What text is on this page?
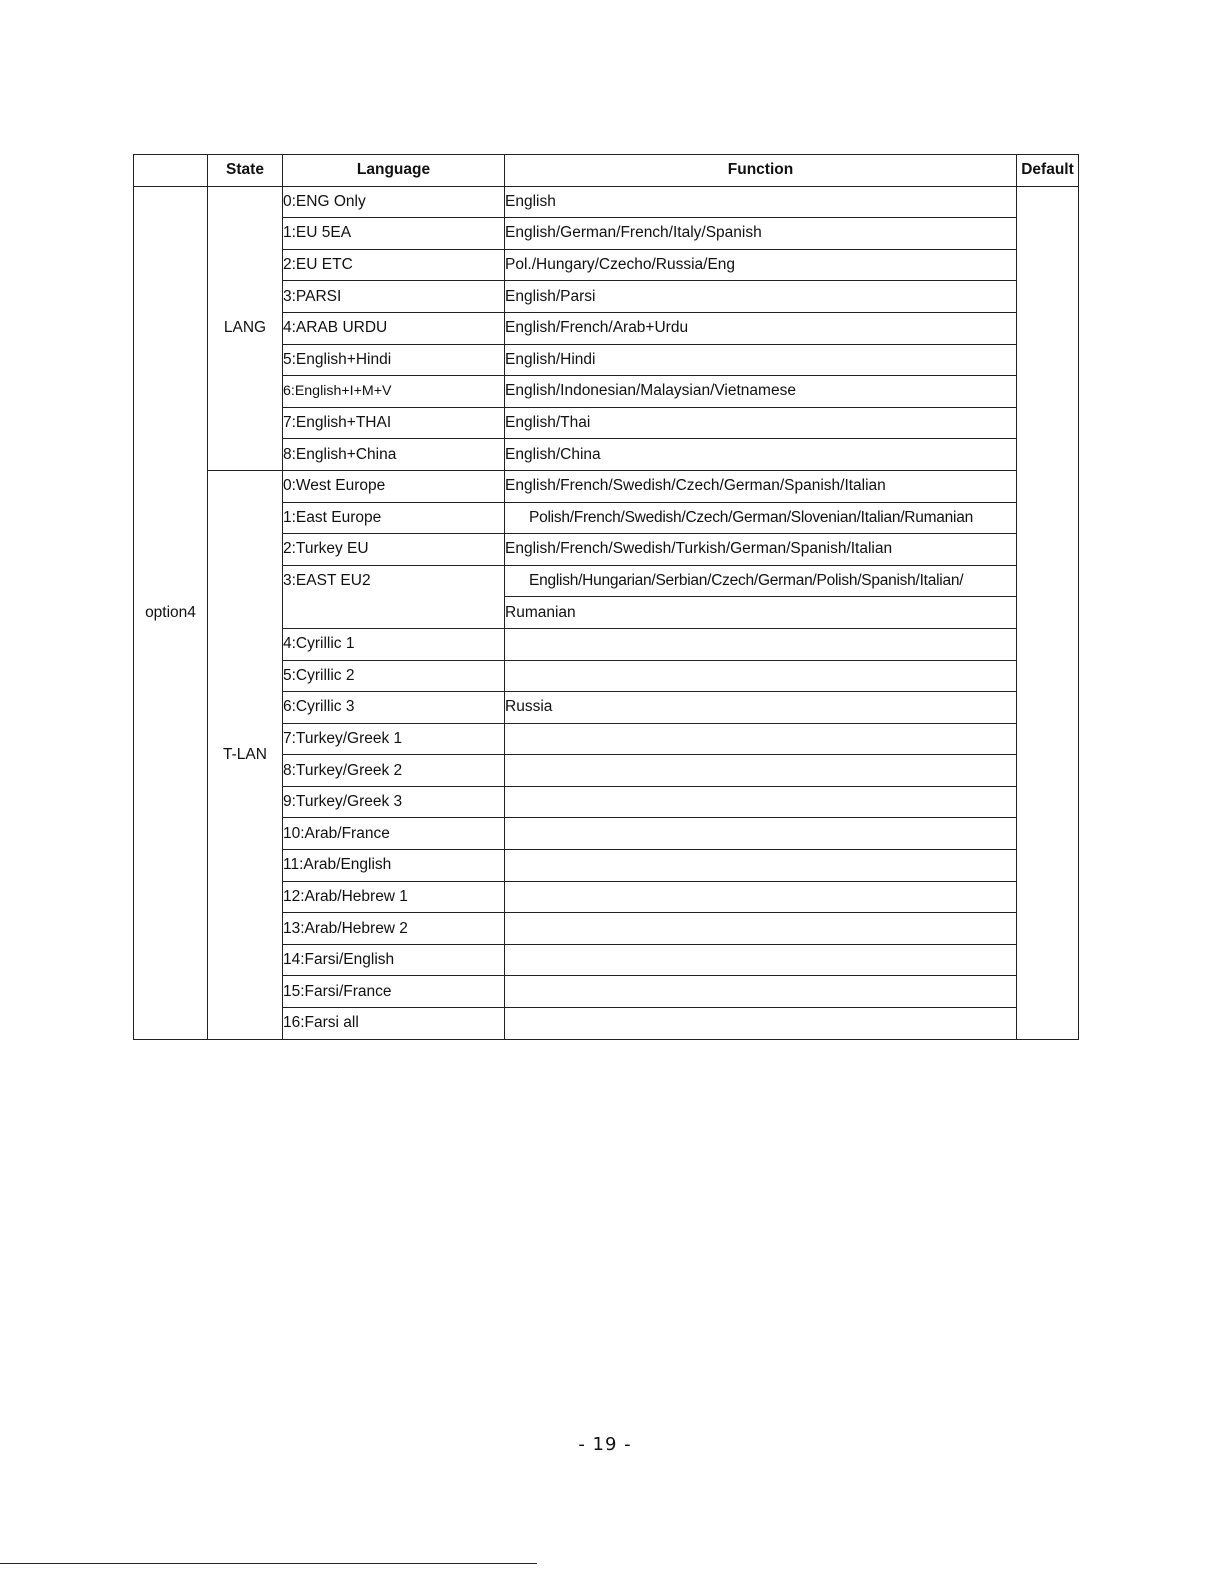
	State	Language	Function	Default
option4	LANG	0:ENG Only	English	
		1:EU 5EA	English/German/French/Italy/Spanish	
		2:EU ETC	Pol./Hungary/Czecho/Russia/Eng	
		3:PARSI	English/Parsi	
		4:ARAB URDU	English/French/Arab+Urdu	
		5:English+Hindi	English/Hindi	
		6:English+I+M+V	English/Indonesian/Malaysian/Vietnamese	
		7:English+THAI	English/Thai	
		8:English+China	English/China	
	T-LAN	0:West Europe	English/French/Swedish/Czech/German/Spanish/Italian	
		1:East Europe	Polish/French/Swedish/Czech/German/Slovenian/Italian/Rumanian	
		2:Turkey EU	English/French/Swedish/Turkish/German/Spanish/Italian	
		3:EAST EU2	English/Hungarian/Serbian/Czech/German/Polish/Spanish/Italian/	
			Rumanian	
		4:Cyrillic 1		
		5:Cyrillic 2		
		6:Cyrillic 3	Russia	
		7:Turkey/Greek 1		
		8:Turkey/Greek 2		
		9:Turkey/Greek 3		
		10:Arab/France		
		11:Arab/English		
		12:Arab/Hebrew 1		
		13:Arab/Hebrew 2		
		14:Farsi/English		
		15:Farsi/France		
		16:Farsi all		
- 19 -
